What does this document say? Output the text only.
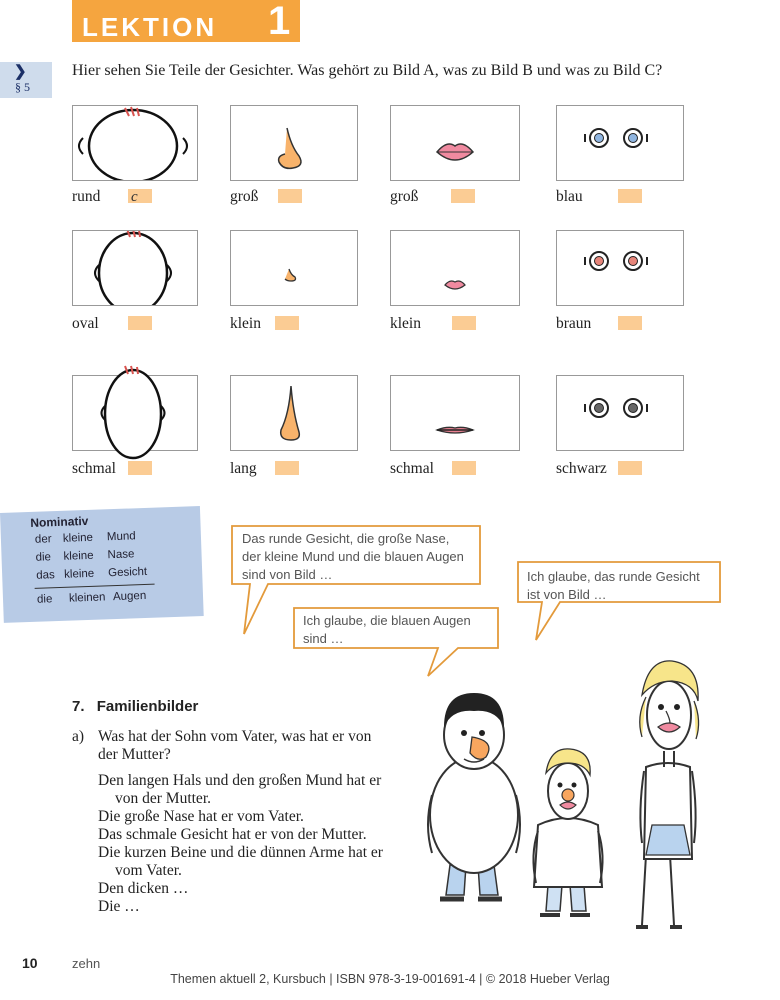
LEKTION 1 1
❯
§ 5
Hier sehen Sie Teile der Gesichter. Was gehört zu Bild A, was zu Bild B und was zu Bild C?
rund c	groß	groß	blau
oval	klein	klein	braun
schmal	lang	schmal	schwarz
Nominativ
der kleine Mund
die kleine Nase
das kleine Gesicht
die kleinen Augen
Das runde Gesicht, die große Nase,
der kleine Mund und die blauen Augen
sind von Bild …	Ich glaube, das runde Gesicht
ist von Bild …
Ich glaube, die blauen Augen
sind …
7. Familienbilder
a) Was hat der Sohn vom Vater, was hat er von
der Mutter?
Den langen Hals und den großen Mund hat er
von der Mutter.
Die große Nase hat er vom Vater.
Das schmale Gesicht hat er von der Mutter.
Die kurzen Beine und die dünnen Arme hat er
vom Vater.
Den dicken …
Die …
10	zehn
Themen aktuell 2, Kursbuch | ISBN 978-3-19-001691-4 | © 2018 Hueber Verlag
